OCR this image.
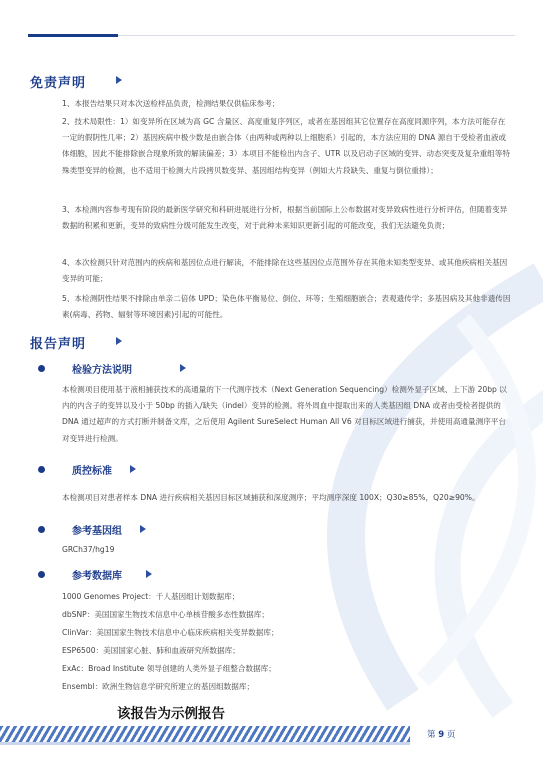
免责声明

1、本报告结果只对本次送检样品负责，检测结果仅供临床参考；

2、技术局限性：1）如变异所在区域为高 GC 含量区、高度重复序列区，或者在基因组其它位置存在高度同源序列，本方法可能存在一定的假阴性几率；2）基因疾病中极少数是由嵌合体（由两种或两种以上细胞系）引起的，本方法应用的 DNA 源自于受检者血液或体细胞，因此不能排除嵌合现象所致的解读偏差；3）本项目不能检出内含子、UTR 以及启动子区域的变异、动态突变及复杂重组等特殊类型变异的检测，也不适用于检测大片段拷贝数变异、基因组结构变异（例如大片段缺失、重复与倒位重排）；

3、本检测内容参考现有阶段的最新医学研究和科研进展进行分析，根据当前国际上公布数据对变异致病性进行分析评估，但随着变异数据的积累和更新，变异的致病性分级可能发生改变，对于此种未来知识更新引起的可能改变，我们无法避免负责；

4、本次检测只针对范围内的疾病和基因位点进行解读，不能排除在这些基因位点范围外存在其他未知类型变异、或其他疾病相关基因变异的可能；

5、本检测阴性结果不排除由单亲二倍体 UPD；染色体平衡易位、倒位、环等；生殖细胞嵌合；表观遗传学；多基因病及其他非遗传因素(病毒、药物、辐射等环境因素)引起的可能性。

报告声明
检验方法说明

本检测项目使用基于液相捕获技术的高通量的下一代测序技术（Next Generation Sequencing）检测外显子区域、上下游 20bp 以内的内含子的变异以及小于 50bp 的插入/缺失（indel）变异的检测。将外周血中提取出来的人类基因组 DNA 或者由受检者提供的 DNA 通过超声的方式打断并制备文库，之后使用 Agilent SureSelect Human All V6 对目标区域进行捕获，并使用高通量测序平台对变异进行检测。

质控标准

本检测项目对患者样本 DNA 进行疾病相关基因目标区域捕获和深度测序；平均测序深度 100X；Q30≥85%，Q20≥90%。

参考基因组
GRCh37/hg19
参考数据库
1000 Genomes Project：千人基因组计划数据库；
dbSNP：美国国家生物技术信息中心单核苷酸多态性数据库；
ClinVar：美国国家生物技术信息中心临床疾病相关变异数据库；
ESP6500：美国国家心脏、肺和血液研究所数据库；
ExAc：Broad Institute 领导创建的人类外显子组整合数据库；
Ensembl：欧洲生物信息学研究所建立的基因组数据库；
该报告为示例报告
第 9 页
